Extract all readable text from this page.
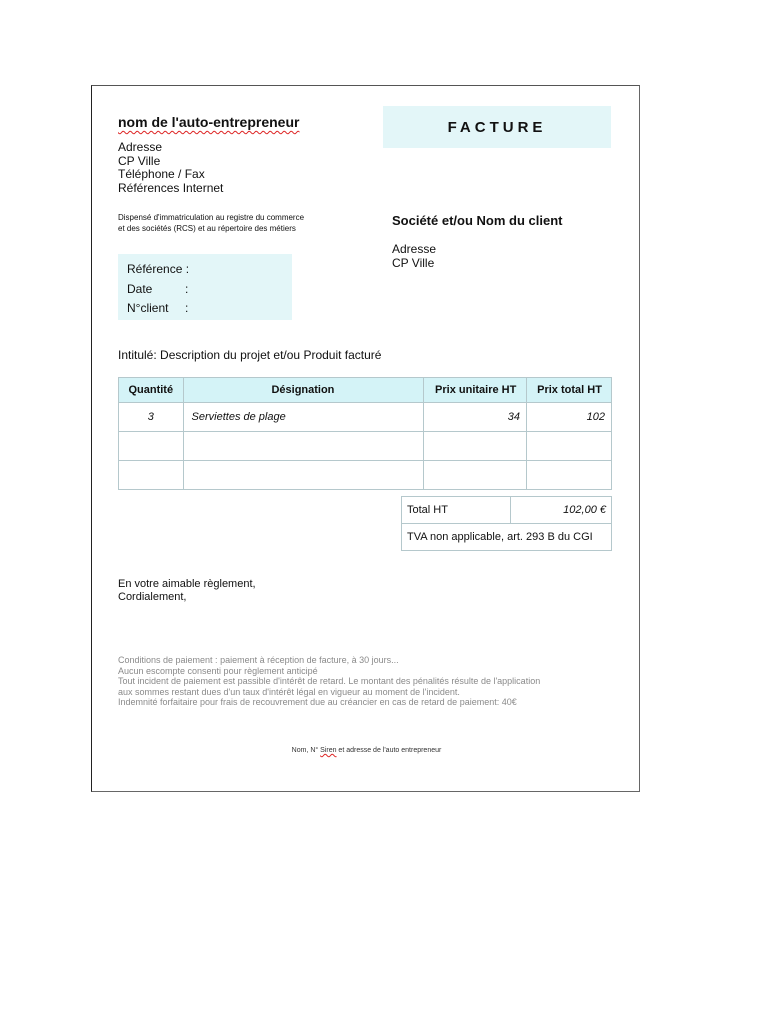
nom de l'auto-entrepreneur
Adresse
CP Ville
Téléphone / Fax
Références Internet
FACTURE
Dispensé d'immatriculation au registre du commerce
et des sociétés (RCS) et au répertoire des métiers
Société et/ou Nom du client
Adresse
CP Ville
Référence :
Date	:
N°client :
Intitulé: Description du projet et/ou Produit facturé
Quantité	Désignation	Prix unitaire HT	Prix total HT
3	Serviettes de plage	34	102

Total HT	102,00 €
TVA non applicable, art. 293 B du CGI
En votre aimable règlement,
Cordialement,
Conditions de paiement : paiement à réception de facture, à 30 jours...
Aucun escompte consenti pour règlement anticipé
Tout incident de paiement est passible d'intérêt de retard. Le montant des pénalités résulte de l'application
aux sommes restant dues d'un taux d'intérêt légal en vigueur au moment de l'incident.
Indemnité forfaitaire pour frais de recouvrement due au créancier en cas de retard de paiement: 40€
Nom, N° Siren et adresse de l'auto entrepreneur
